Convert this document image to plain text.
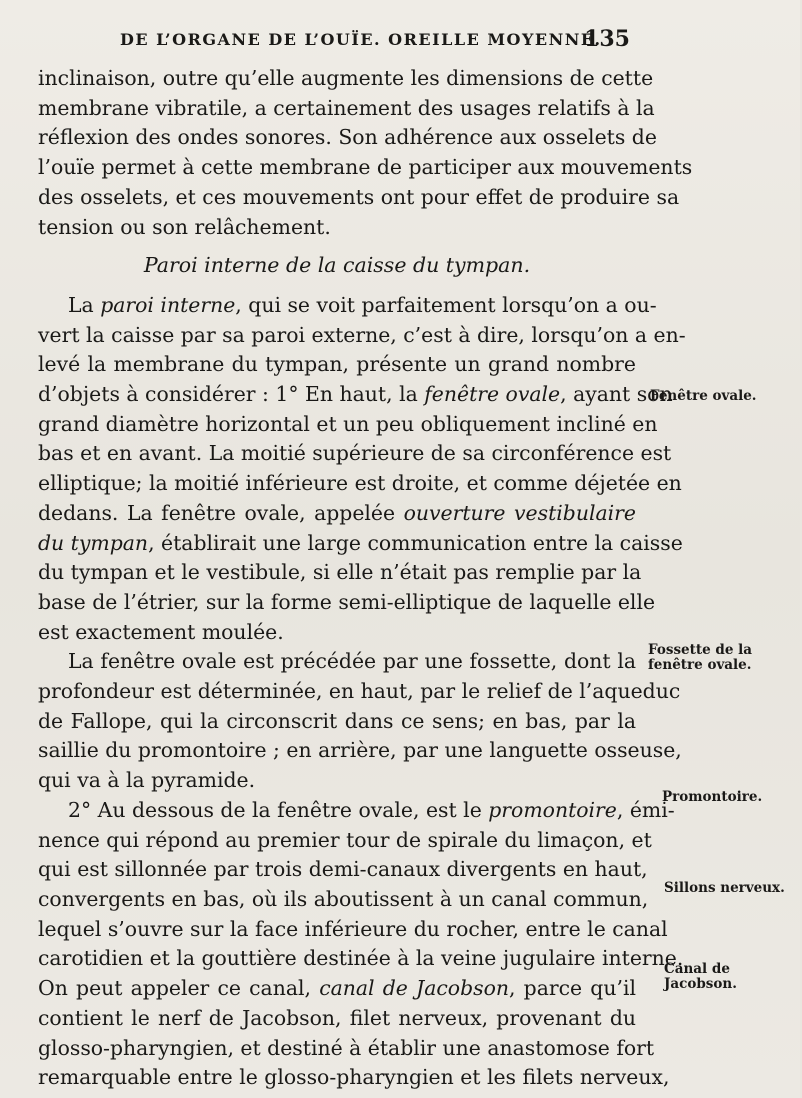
DE L’ORGANE DE L’OUÏE. OREILLE MOYENNE.
135

inclinaison, outre qu’elle augmente les dimensions de cette
membrane vibratile, a certainement des usages relatifs à la
réflexion des ondes sonores. Son adhérence aux osselets de
l’ouïe permet à cette membrane de participer aux mouvements
des osselets, et ces mouvements ont pour effet de produire sa
tension ou son relâchement.

Paroi interne de la caisse du tympan.

La paroi interne, qui se voit parfaitement lorsqu’on a ou-
vert la caisse par sa paroi externe, c’est à dire, lorsqu’on a en-
levé la membrane du tympan, présente un grand nombre
d’objets à considérer : 1° En haut, la fenêtre ovale, ayant son
grand diamètre horizontal et un peu obliquement incliné en
bas et en avant. La moitié supérieure de sa circonférence est
elliptique; la moitié inférieure est droite, et comme déjetée en
dedans. La fenêtre ovale, appelée ouverture vestibulaire
du tympan, établirait une large communication entre la caisse
du tympan et le vestibule, si elle n’était pas remplie par la
base de l’étrier, sur la forme semi-elliptique de laquelle elle
est exactement moulée.

La fenêtre ovale est précédée par une fossette, dont la
profondeur est déterminée, en haut, par le relief de l’aqueduc
de Fallope, qui la circonscrit dans ce sens; en bas, par la
saillie du promontoire ; en arrière, par une languette osseuse,
qui va à la pyramide.

2° Au dessous de la fenêtre ovale, est le promontoire, émi-
nence qui répond au premier tour de spirale du limaçon, et
qui est sillonnée par trois demi-canaux divergents en haut,
convergents en bas, où ils aboutissent à un canal commun,
lequel s’ouvre sur la face inférieure du rocher, entre le canal
carotidien et la gouttière destinée à la veine jugulaire interne.
On peut appeler ce canal, canal de Jacobson, parce qu’il
contient le nerf de Jacobson, filet nerveux, provenant du
glosso-pharyngien, et destiné à établir une anastomose fort
remarquable entre le glosso-pharyngien et les filets nerveux,

Fenêtre ovale.
Fossette de la fenêtre ovale.
Promontoire.
Sillons nerveux.
Canal de Jacobson.
